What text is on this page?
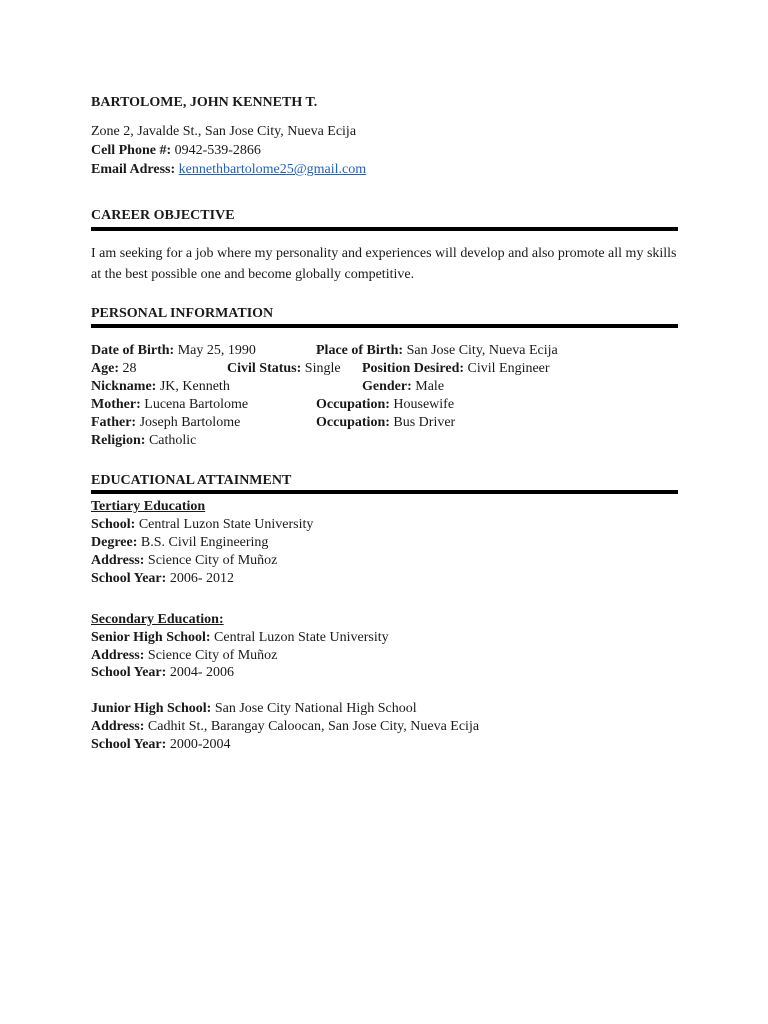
BARTOLOME, JOHN KENNETH T.
Zone 2, Javalde St., San Jose City, Nueva Ecija
Cell Phone #: 0942-539-2866
Email Adress: kennethbartolome25@gmail.com
CAREER OBJECTIVE
I am seeking for a job where my personality and experiences will develop and also promote all my skills at the best possible one and become globally competitive.
PERSONAL INFORMATION
Date of Birth: May 25, 1990	Place of Birth: San Jose City, Nueva Ecija
Age: 28	Civil Status: Single Position Desired: Civil Engineer
Nickname: JK, Kenneth	Gender: Male
Mother: Lucena Bartolome	Occupation: Housewife
Father: Joseph Bartolome	Occupation: Bus Driver
Religion: Catholic
EDUCATIONAL ATTAINMENT
Tertiary Education
School: Central Luzon State University
Degree: B.S. Civil Engineering
Address: Science City of Muñoz
School Year: 2006- 2012
Secondary Education:
Senior High School: Central Luzon State University
Address: Science City of Muñoz
School Year: 2004- 2006
Junior High School: San Jose City National High School
Address: Cadhit St., Barangay Caloocan, San Jose City, Nueva Ecija
School Year: 2000-2004
